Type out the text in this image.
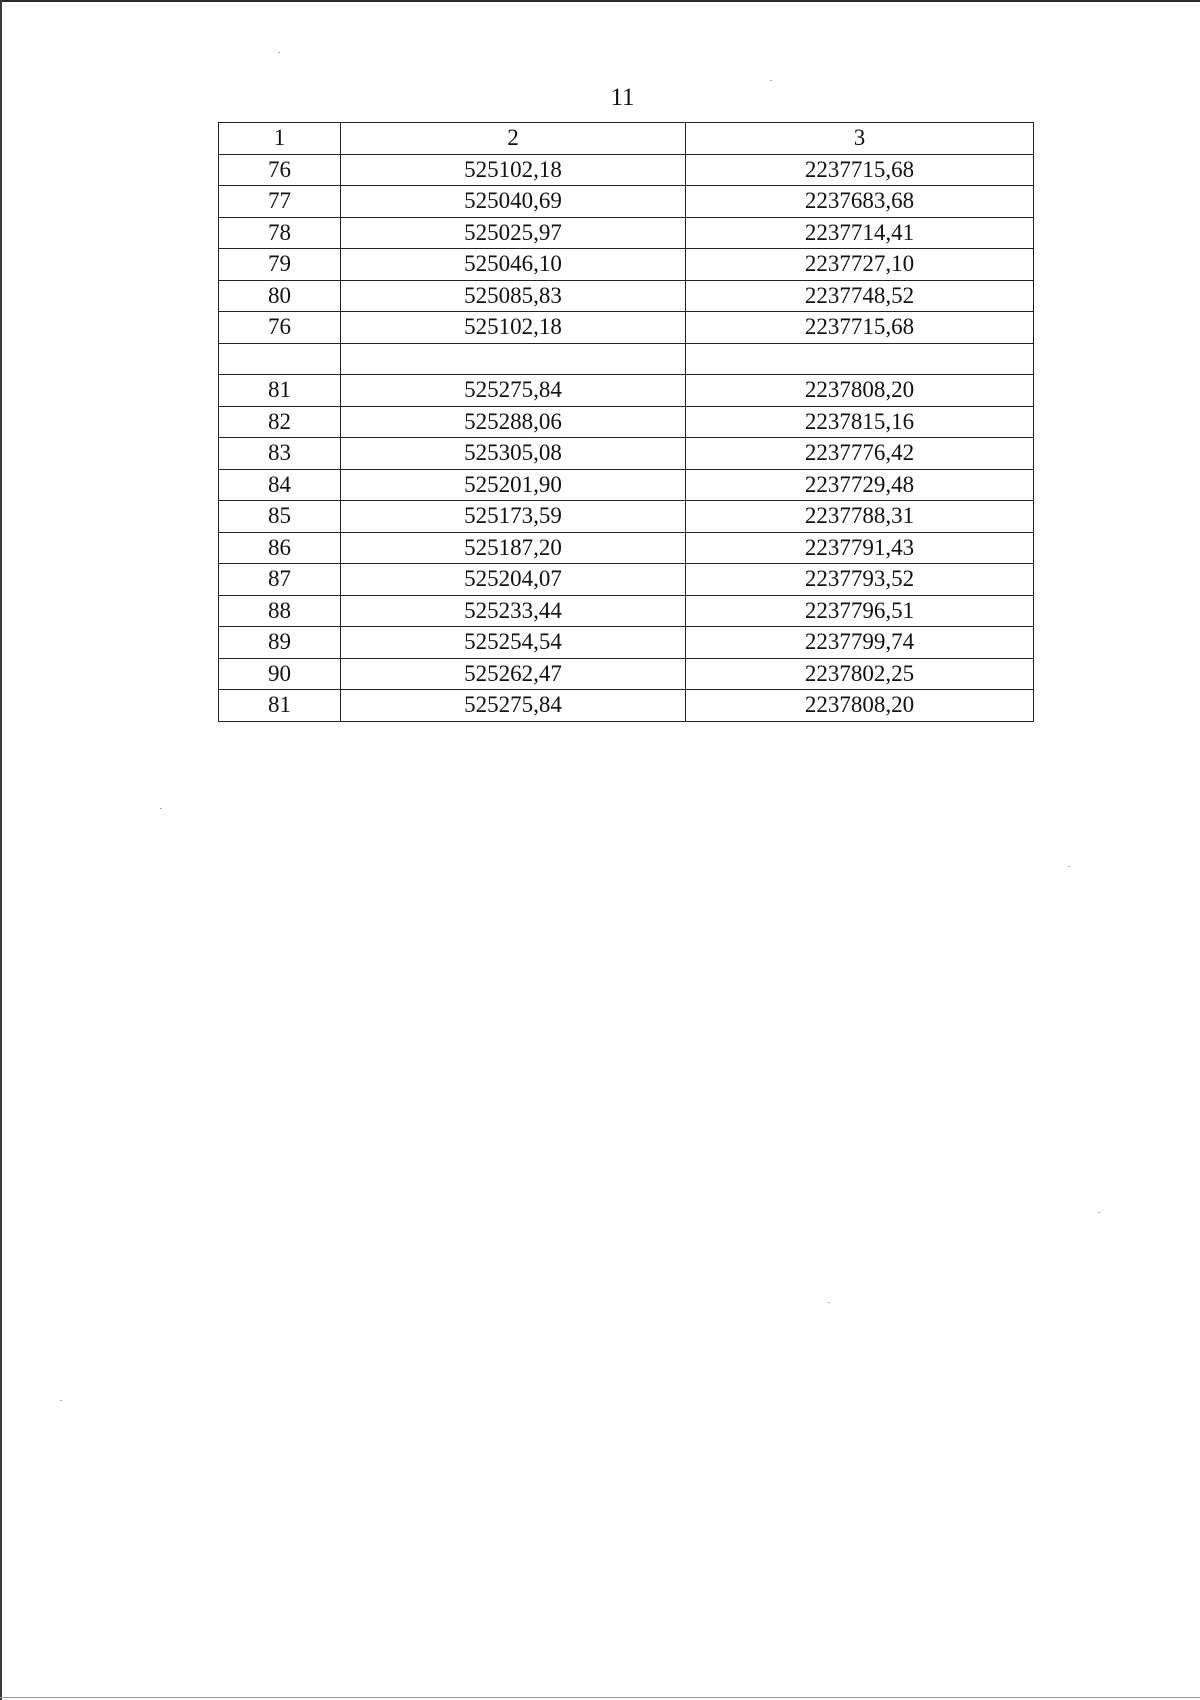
11
1	2	3
76	525102,18	2237715,68
77	525040,69	2237683,68
78	525025,97	2237714,41
79	525046,10	2237727,10
80	525085,83	2237748,52
76	525102,18	2237715,68

81	525275,84	2237808,20
82	525288,06	2237815,16
83	525305,08	2237776,42
84	525201,90	2237729,48
85	525173,59	2237788,31
86	525187,20	2237791,43
87	525204,07	2237793,52
88	525233,44	2237796,51
89	525254,54	2237799,74
90	525262,47	2237802,25
81	525275,84	2237808,20
